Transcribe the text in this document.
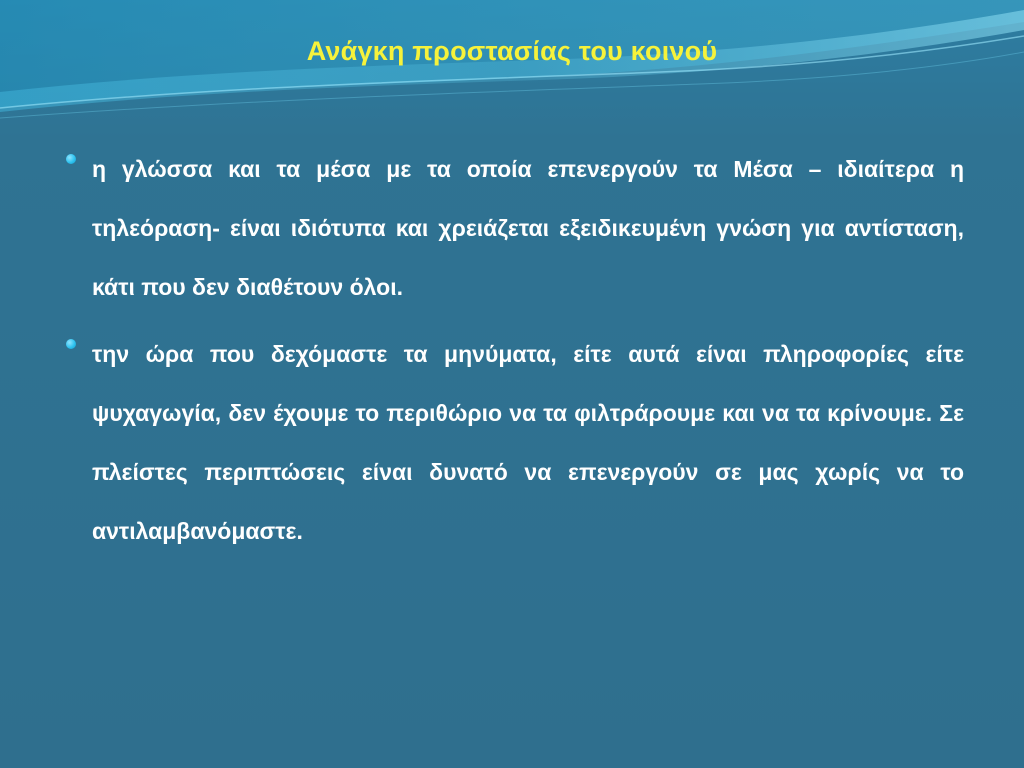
Ανάγκη προστασίας του κοινού
η γλώσσα και τα μέσα με τα οποία επενεργούν τα Μέσα – ιδιαίτερα η τηλεόραση- είναι ιδιότυπα και χρειάζεται εξειδικευμένη γνώση για αντίσταση, κάτι που δεν διαθέτουν όλοι.
την ώρα που δεχόμαστε τα μηνύματα, είτε αυτά είναι πληροφορίες είτε ψυχαγωγία, δεν έχουμε το περιθώριο να τα φιλτράρουμε και να τα κρίνουμε. Σε πλείστες περιπτώσεις είναι δυνατό να επενεργούν σε μας χωρίς να το αντιλαμβανόμαστε.
